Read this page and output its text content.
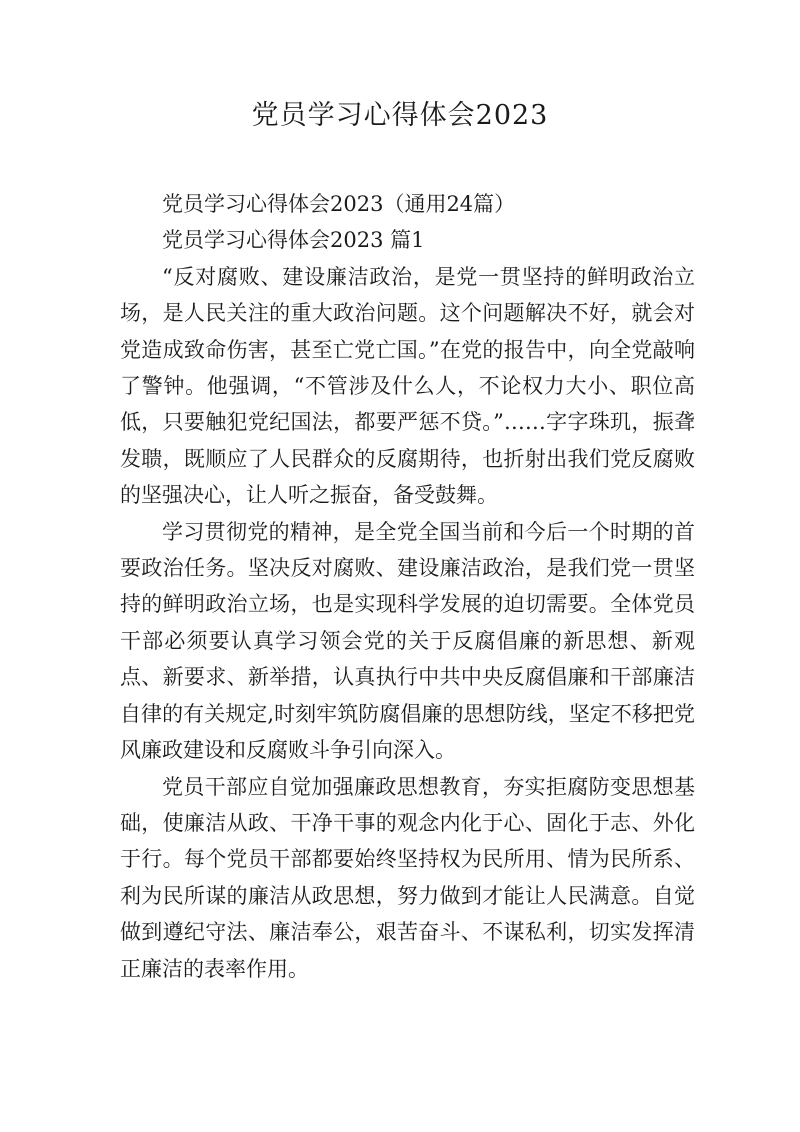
党员学习心得体会2023

党员学习心得体会2023（通用24篇）

党员学习心得体会2023 篇1

“反对腐败、建设廉洁政治，是党一贯坚持的鲜明政治立场，是人民关注的重大政治问题。这个问题解决不好，就会对党造成致命伤害，甚至亡党亡国。”在党的报告中，向全党敲响了警钟。他强调，“不管涉及什么人，不论权力大小、职位高低，只要触犯党纪国法，都要严惩不贷。”……字字珠玑，振聋发聩，既顺应了人民群众的反腐期待，也折射出我们党反腐败的坚强决心，让人听之振奋，备受鼓舞。

学习贯彻党的精神，是全党全国当前和今后一个时期的首要政治任务。坚决反对腐败、建设廉洁政治，是我们党一贯坚持的鲜明政治立场，也是实现科学发展的迫切需要。全体党员干部必须要认真学习领会党的关于反腐倡廉的新思想、新观点、新要求、新举措，认真执行中共中央反腐倡廉和干部廉洁自律的有关规定,时刻牢筑防腐倡廉的思想防线，坚定不移把党风廉政建设和反腐败斗争引向深入。

党员干部应自觉加强廉政思想教育，夯实拒腐防变思想基础，使廉洁从政、干净干事的观念内化于心、固化于志、外化于行。每个党员干部都要始终坚持权为民所用、情为民所系、利为民所谋的廉洁从政思想，努力做到才能让人民满意。自觉做到遵纪守法、廉洁奉公，艰苦奋斗、不谋私利，切实发挥清正廉洁的表率作用。
